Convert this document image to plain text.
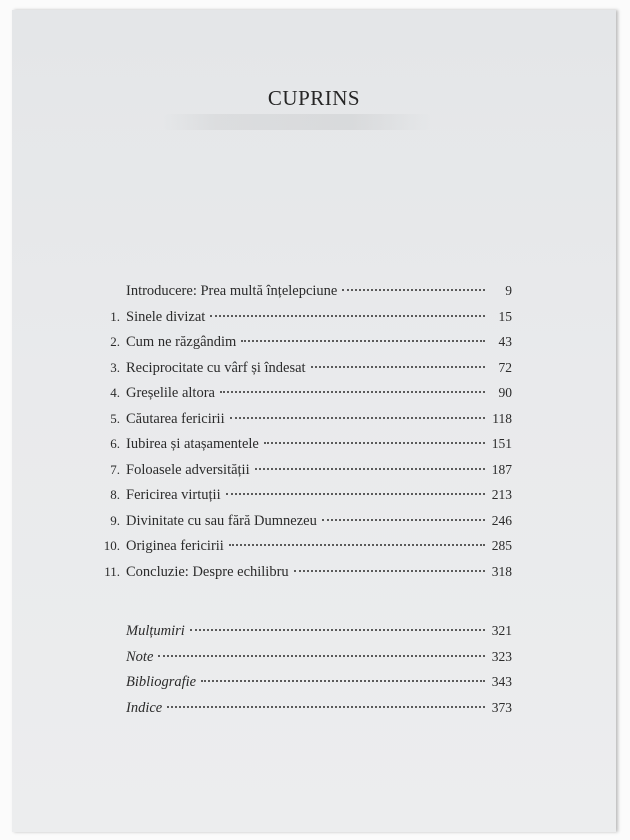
CUPRINS
Introducere: Prea multă înțelepciune	9
1. Sinele divizat	15
2. Cum ne răzgândim	43
3. Reciprocitate cu vârf și îndesat	72
4. Greșelile altora	90
5. Căutarea fericirii	118
6. Iubirea și atașamentele	151
7. Foloasele adversității	187
8. Fericirea virtuții	213
9. Divinitate cu sau fără Dumnezeu	246
10. Originea fericirii	285
11. Concluzie: Despre echilibru	318
Mulțumiri	321
Note	323
Bibliografie	343
Indice	373
